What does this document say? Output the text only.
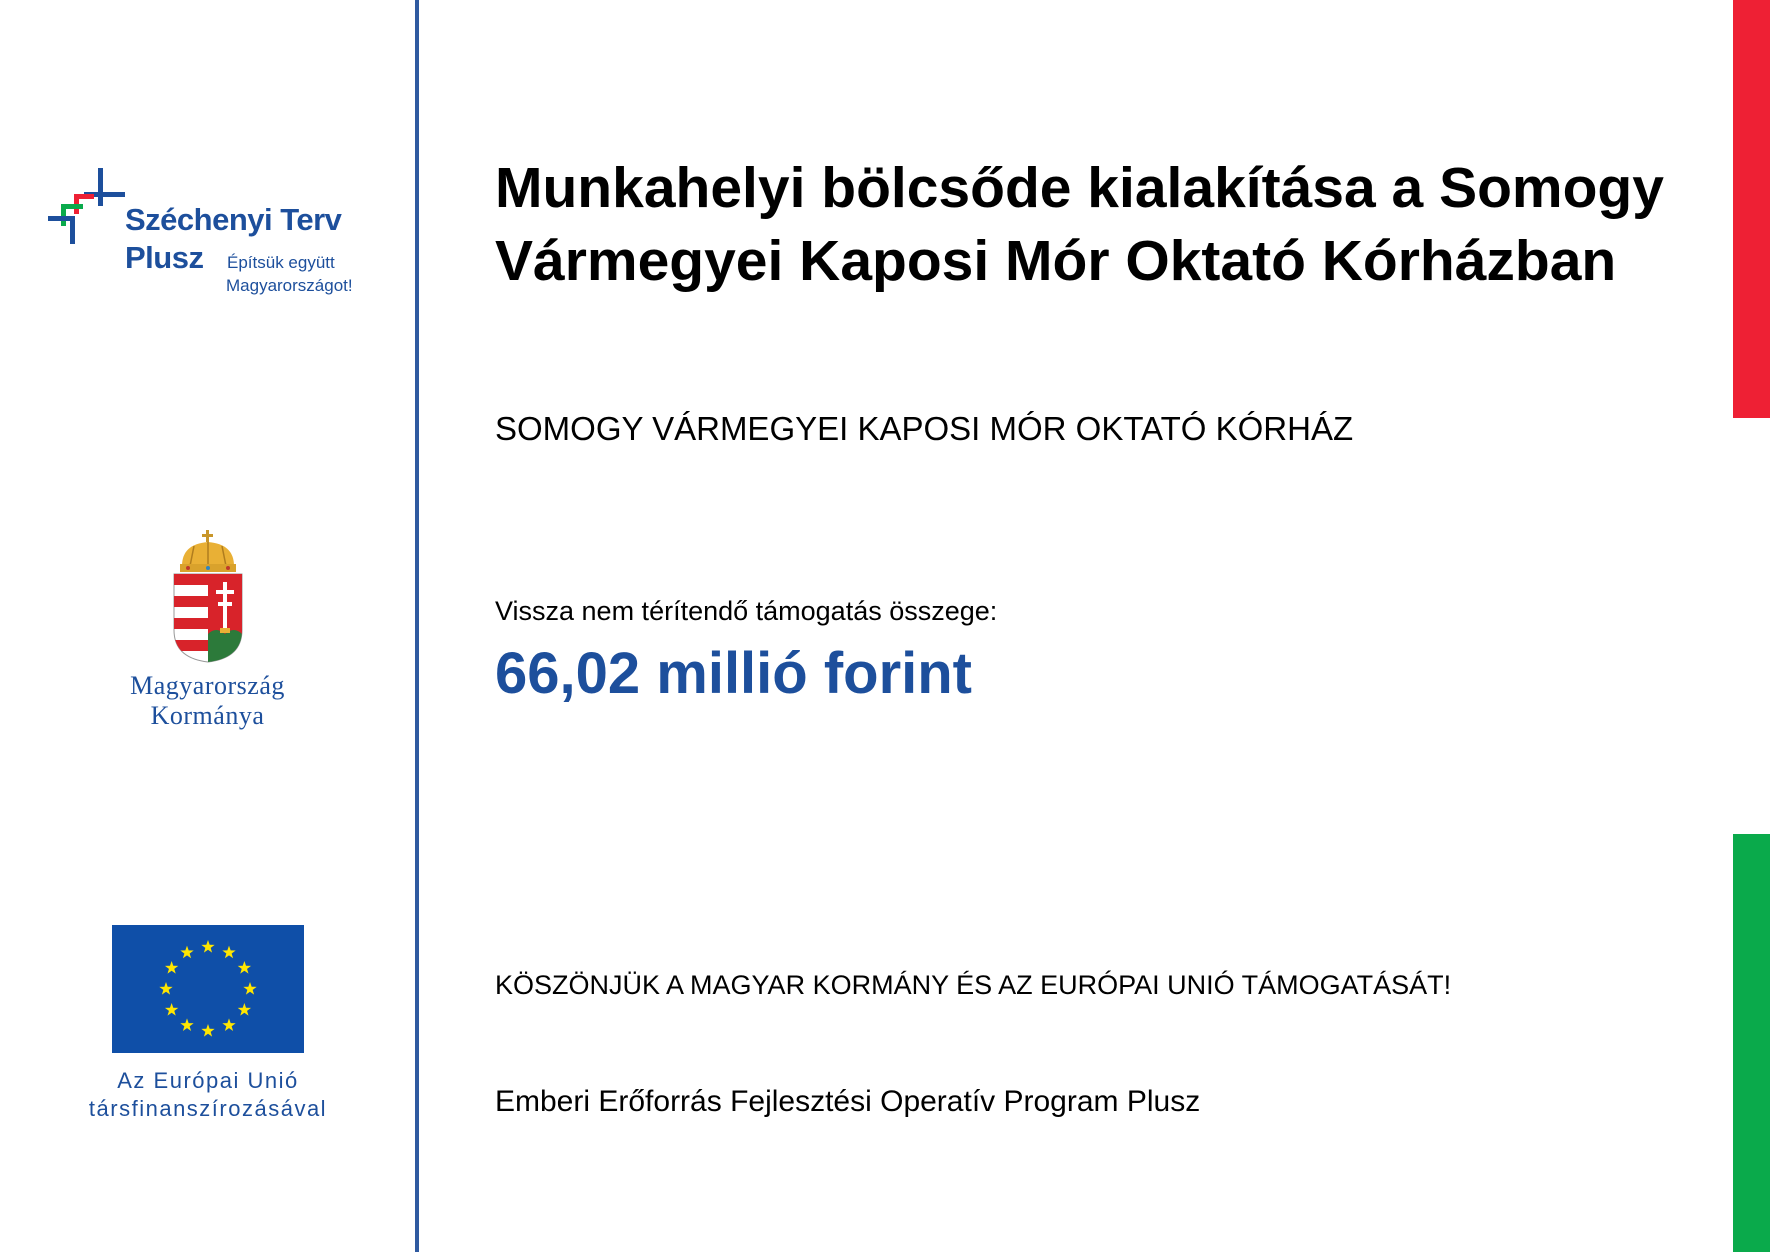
Széchenyi Terv
Plusz Építsük együtt
Magyarországot!
Magyarország
Kormánya
Az Európai Unió
társfinanszírozásával
Munkahelyi bölcsőde kialakítása a Somogy Vármegyei Kaposi Mór Oktató Kórházban
SOMOGY VÁRMEGYEI KAPOSI MÓR OKTATÓ KÓRHÁZ
Vissza nem térítendő támogatás összege:
66,02 millió forint
KÖSZÖNJÜK A MAGYAR KORMÁNY ÉS AZ EURÓPAI UNIÓ TÁMOGATÁSÁT!
Emberi Erőforrás Fejlesztési Operatív Program Plusz
